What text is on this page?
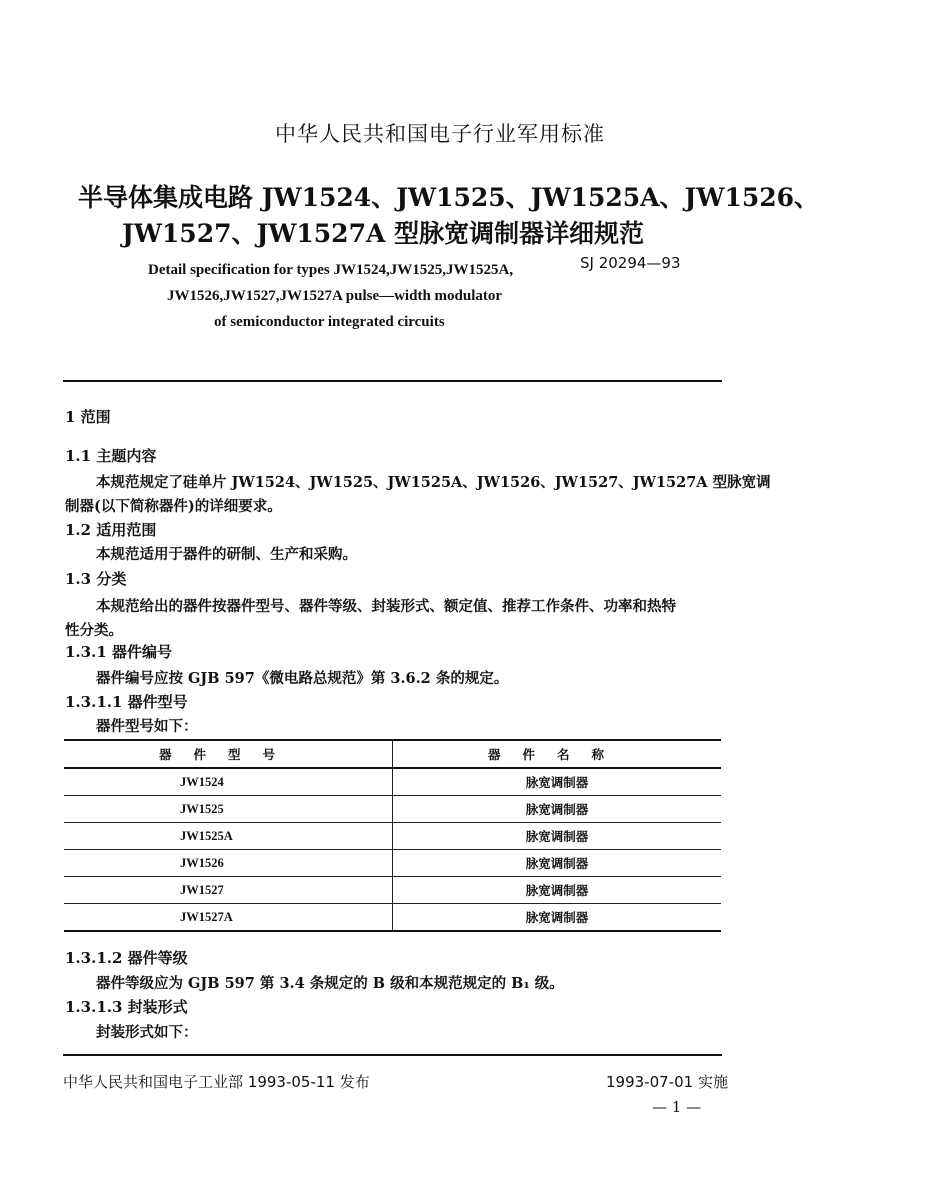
中华人民共和国电子行业军用标准
半导体集成电路 JW1524、JW1525、JW1525A、JW1526、
JW1527、JW1527A 型脉宽调制器详细规范
SJ 20294—93
Detail specification for types JW1524,JW1525,JW1525A,
JW1526,JW1527,JW1527A pulse—width modulator
of semiconductor integrated circuits
1 范围
1.1 主题内容
本规范规定了硅单片 JW1524、JW1525、JW1525A、JW1526、JW1527、JW1527A 型脉宽调
制器(以下简称器件)的详细要求。
1.2 适用范围
本规范适用于器件的研制、生产和采购。
1.3 分类
本规范给出的器件按器件型号、器件等级、封装形式、额定值、推荐工作条件、功率和热特
性分类。
1.3.1 器件编号
器件编号应按 GJB 597《微电路总规范》第 3.6.2 条的规定。
1.3.1.1 器件型号
器件型号如下：
器件型号	器件名称
JW1524	脉宽调制器
JW1525	脉宽调制器
JW1525A	脉宽调制器
JW1526	脉宽调制器
JW1527	脉宽调制器
JW1527A	脉宽调制器
1.3.1.2 器件等级
器件等级应为 GJB 597 第 3.4 条规定的 B 级和本规范规定的 B₁ 级。
1.3.1.3 封装形式
封装形式如下：
中华人民共和国电子工业部 1993-05-11 发布	1993-07-01 实施
— 1 —
